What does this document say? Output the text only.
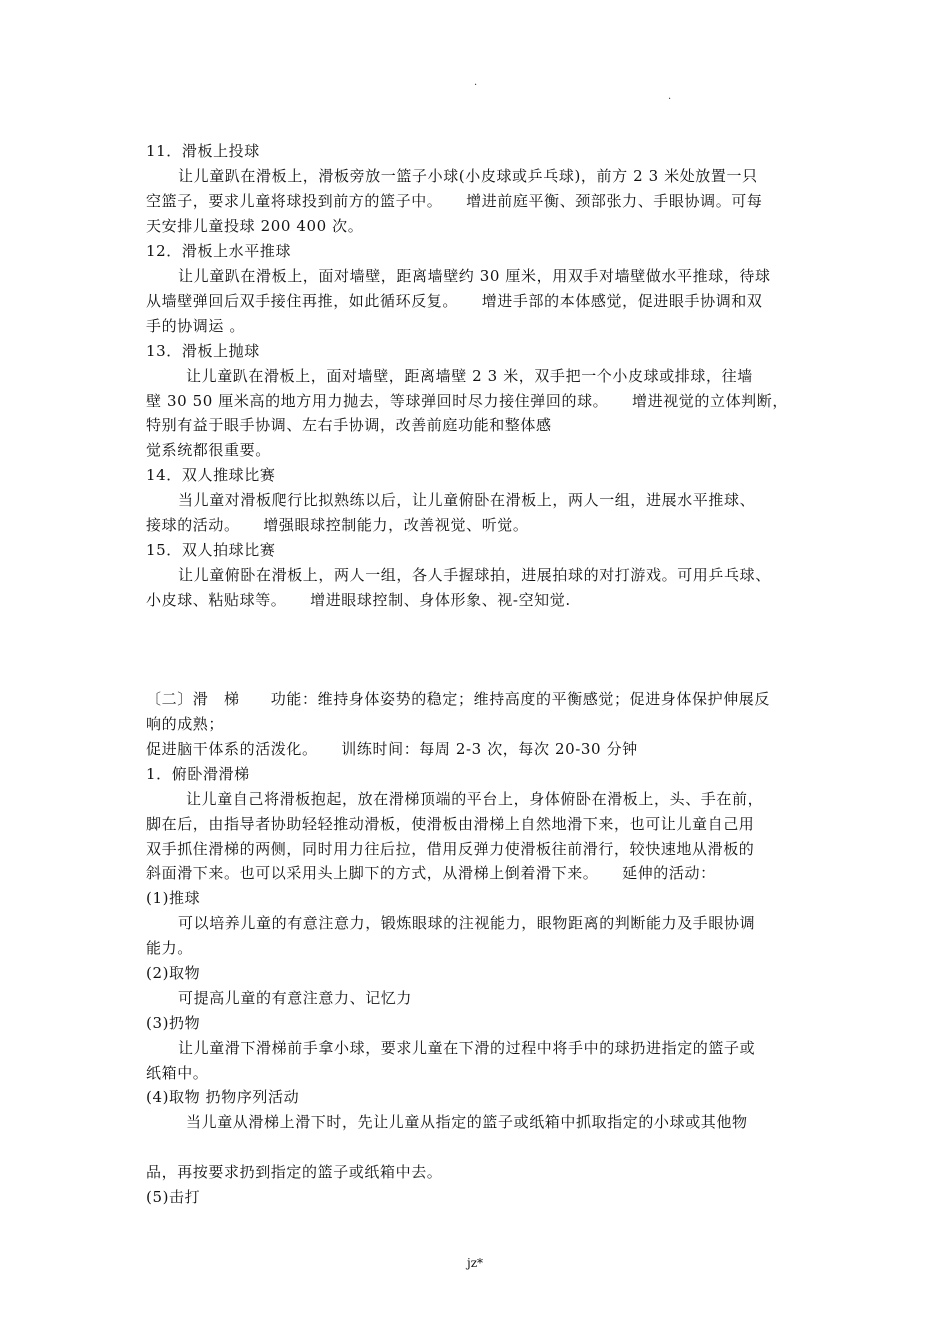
.
.
11．滑板上投球
让儿童趴在滑板上，滑板旁放一篮子小球(小皮球或乒乓球)，前方 2 3 米处放置一只
空篮子，要求儿童将球投到前方的篮子中。　　增进前庭平衡、颈部张力、手眼协调。可每
天安排儿童投球 200 400 次。
12．滑板上水平推球
让儿童趴在滑板上，面对墙壁，距离墙壁约 30 厘米，用双手对墙壁做水平推球，待球
从墙壁弹回后双手接住再推，如此循环反复。　　增进手部的本体感觉，促进眼手协调和双
手的协调运 。
13．滑板上抛球
让儿童趴在滑板上，面对墙壁，距离墙壁 2 3 米，双手把一个小皮球或排球，往墙
壁 30 50 厘米高的地方用力抛去，等球弹回时尽力接住弹回的球。　　增进视觉的立体判断，
特别有益于眼手协调、左右手协调，改善前庭功能和整体感
觉系统都很重要。
14．双人推球比赛
当儿童对滑板爬行比拟熟练以后，让儿童俯卧在滑板上，两人一组，进展水平推球、
接球的活动。　　增强眼球控制能力，改善视觉、听觉。
15．双人拍球比赛
让儿童俯卧在滑板上，两人一组，各人手握球拍，进展拍球的对打游戏。可用乒乓球、
小皮球、粘贴球等。　　增进眼球控制、身体形象、视-空知觉.
〔二〕滑　梯　　功能：维持身体姿势的稳定；维持高度的平衡感觉；促进身体保护伸展反
响的成熟；
促进脑干体系的活泼化。　　训练时间：每周 2-3 次，每次 20-30 分钟
1．俯卧滑滑梯
让儿童自己将滑板抱起，放在滑梯顶端的平台上，身体俯卧在滑板上，头、手在前，
脚在后，由指导者协助轻轻推动滑板，使滑板由滑梯上自然地滑下来，也可让儿童自己用
双手抓住滑梯的两侧，同时用力往后拉，借用反弹力使滑板往前滑行，较快速地从滑板的
斜面滑下来。也可以采用头上脚下的方式，从滑梯上倒着滑下来。　　延伸的活动：
(1)推球
可以培养儿童的有意注意力，锻炼眼球的注视能力，眼物距离的判断能力及手眼协调
能力。
(2)取物
可提高儿童的有意注意力、记忆力
(3)扔物
让儿童滑下滑梯前手拿小球，要求儿童在下滑的过程中将手中的球扔进指定的篮子或
纸箱中。
(4)取物 扔物序列活动
当儿童从滑梯上滑下时，先让儿童从指定的篮子或纸箱中抓取指定的小球或其他物
品，再按要求扔到指定的篮子或纸箱中去。
(5)击打
jz*
